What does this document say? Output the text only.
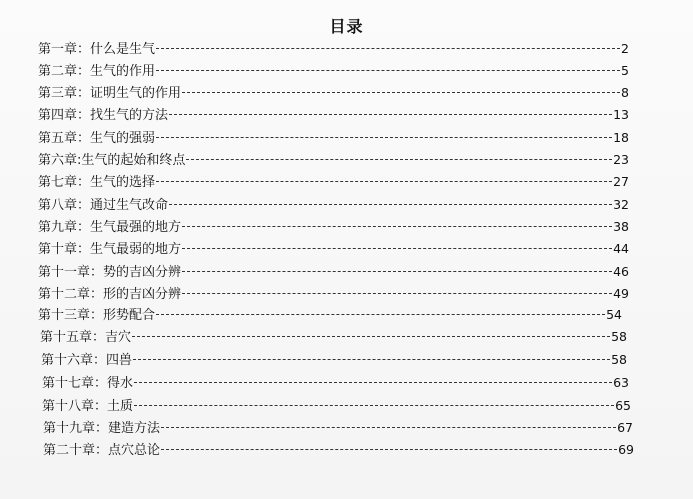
目录
第一章：什么是生气	2
第二章：生气的作用	5
第三章：证明生气的作用	8
第四章：找生气的方法	13
第五章：生气的强弱	18
第六章:生气的起始和终点	23
第七章：生气的选择	27
第八章：通过生气改命	32
第九章：生气最强的地方	38
第十章：生气最弱的地方	44
第十一章：势的吉凶分辨	46
第十二章：形的吉凶分辨	49
第十三章：形势配合	54
第十五章：吉穴	58
第十六章：四兽	58
第十七章：得水	63
第十八章：土质	65
第十九章：建造方法	67
第二十章：点穴总论	69
